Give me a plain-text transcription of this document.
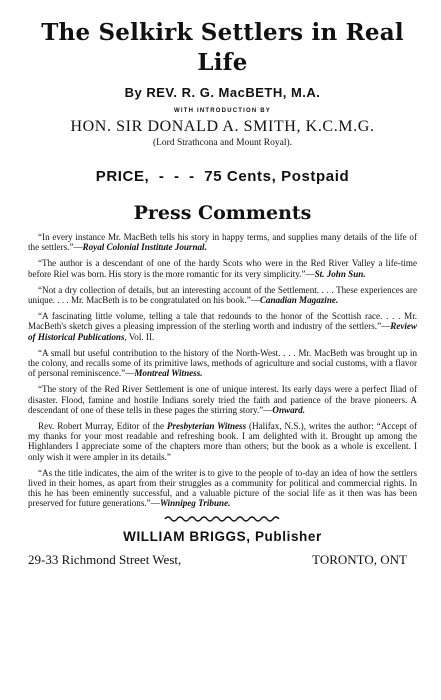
The Selkirk Settlers in Real Life
By REV. R. G. MacBETH, M.A.
WITH INTRODUCTION BY
HON. SIR DONALD A. SMITH, K.C.M.G.
(Lord Strathcona and Mount Royal).
PRICE,  -  -  -  75 Cents, Postpaid
Press Comments

“In every instance Mr. MacBeth tells his story in happy terms, and supplies many details of the life of the settlers.”—Royal Colonial Institute Journal.

“The author is a descendant of one of the hardy Scots who were in the Red River Valley a life-time before Riel was born. His story is the more romantic for its very simplicity.”—St. John Sun.

“Not a dry collection of details, but an interesting account of the Settlement. . . . These experiences are unique. . . . Mr. MacBeth is to be congratulated on his book.”—Canadian Magazine.

“A fascinating little volume, telling a tale that redounds to the honor of the Scottish race. . . . Mr. MacBeth's sketch gives a pleasing impression of the sterling worth and industry of the settlers.”—Review of Historical Publications, Vol. II.

“A small but useful contribution to the history of the North-West. . . . Mr. MacBeth was brought up in the colony, and recalls some of its primitive laws, methods of agriculture and social customs, with a flavor of personal reminiscence.”—Montreal Witness.

“The story of the Red River Settlement is one of unique interest. Its early days were a perfect Iliad of disaster. Flood, famine and hostile Indians sorely tried the faith and patience of the brave pioneers. A descendant of one of these tells in these pages the stirring story.”—Onward.

Rev. Robert Murray, Editor of the Presbyterian Witness (Halifax, N.S.), writes the author: “Accept of my thanks for your most readable and refreshing book. I am delighted with it. Brought up among the Highlanders I appreciate some of the chapters more than others; but the book as a whole is excellent. I only wish it were ampler in its details.”

“As the title indicates, the aim of the writer is to give to the people of to-day an idea of how the settlers lived in their homes, as apart from their struggles as a community for political and commercial rights. In this he has been eminently successful, and a valuable picture of the social life as it then was has been preserved for future generations.”—Winnipeg Tribune.

WILLIAM BRIGGS, Publisher
29-33 Richmond Street West,	TORONTO, ONT
